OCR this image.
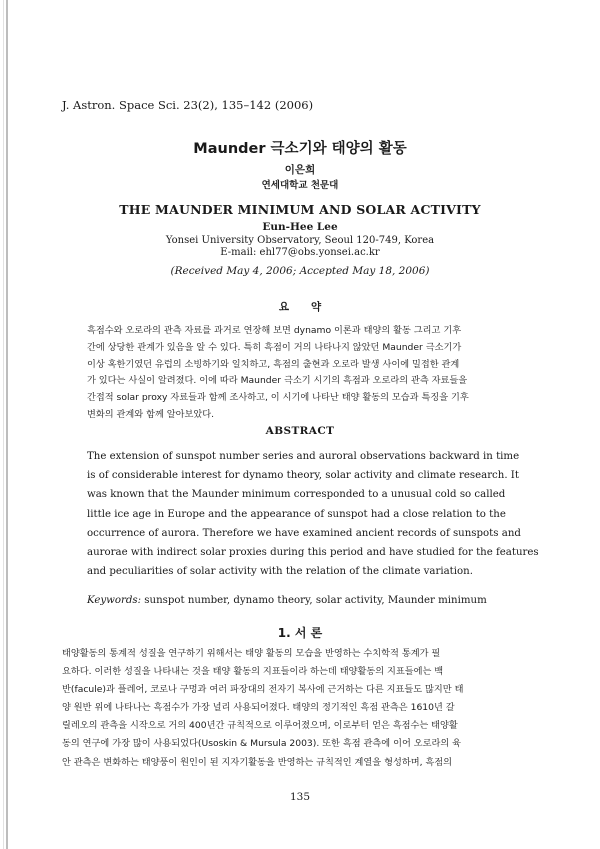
J. Astron. Space Sci. 23(2), 135–142 (2006)
Maunder 극소기와 태양의 활동
이은희
연세대학교 천문대
THE MAUNDER MINIMUM AND SOLAR ACTIVITY
Eun-Hee Lee
Yonsei University Observatory, Seoul 120-749, Korea
E-mail: ehl77@obs.yonsei.ac.kr
(Received May 4, 2006; Accepted May 18, 2006)
요약
흑점수와 오로라의 관측 자료를 과거로 연장해 보면 dynamo 이론과 태양의 활동 그리고 기후
간에 상당한 관계가 있음을 알 수 있다. 특히 흑점이 거의 나타나지 않았던 Maunder 극소기가
이상 혹한기였던 유럽의 소빙하기와 일치하고, 흑점의 출현과 오로라 발생 사이에 밀접한 관계
가 있다는 사실이 알려졌다. 이에 따라 Maunder 극소기 시기의 흑점과 오로라의 관측 자료들을
간접적 solar proxy 자료들과 함께 조사하고, 이 시기에 나타난 태양 활동의 모습과 특징을 기후
변화의 관계와 함께 알아보았다.
ABSTRACT
The extension of sunspot number series and auroral observations backward in time
is of considerable interest for dynamo theory, solar activity and climate research. It
was known that the Maunder minimum corresponded to a unusual cold so called
little ice age in Europe and the appearance of sunspot had a close relation to the
occurrence of aurora. Therefore we have examined ancient records of sunspots and
aurorae with indirect solar proxies during this period and have studied for the features
and peculiarities of solar activity with the relation of the climate variation.
Keywords: sunspot number, dynamo theory, solar activity, Maunder minimum
1. 서 론
태양활동의 통계적 성질을 연구하기 위해서는 태양 활동의 모습을 반영하는 수치학적 통계가 필
요하다. 이러한 성질을 나타내는 것을 태양 활동의 지표들이라 하는데 태양활동의 지표들에는 백
반(facule)과 플레어, 코로나 구멍과 여러 파장대의 전자기 복사에 근거하는 다른 지표들도 많지만 태
양 원반 위에 나타나는 흑점수가 가장 널리 사용되어졌다. 태양의 정기적인 흑점 관측은 1610년 갈
릴레오의 관측을 시작으로 거의 400년간 규칙적으로 이루어졌으며, 이로부터 얻은 흑점수는 태양활
동의 연구에 가장 많이 사용되었다(Usoskin & Mursula 2003). 또한 흑점 관측에 이어 오로라의 육
안 관측은 변화하는 태양풍이 원인이 된 지자기활동을 반영하는 규칙적인 계열을 형성하며, 흑점의
135
